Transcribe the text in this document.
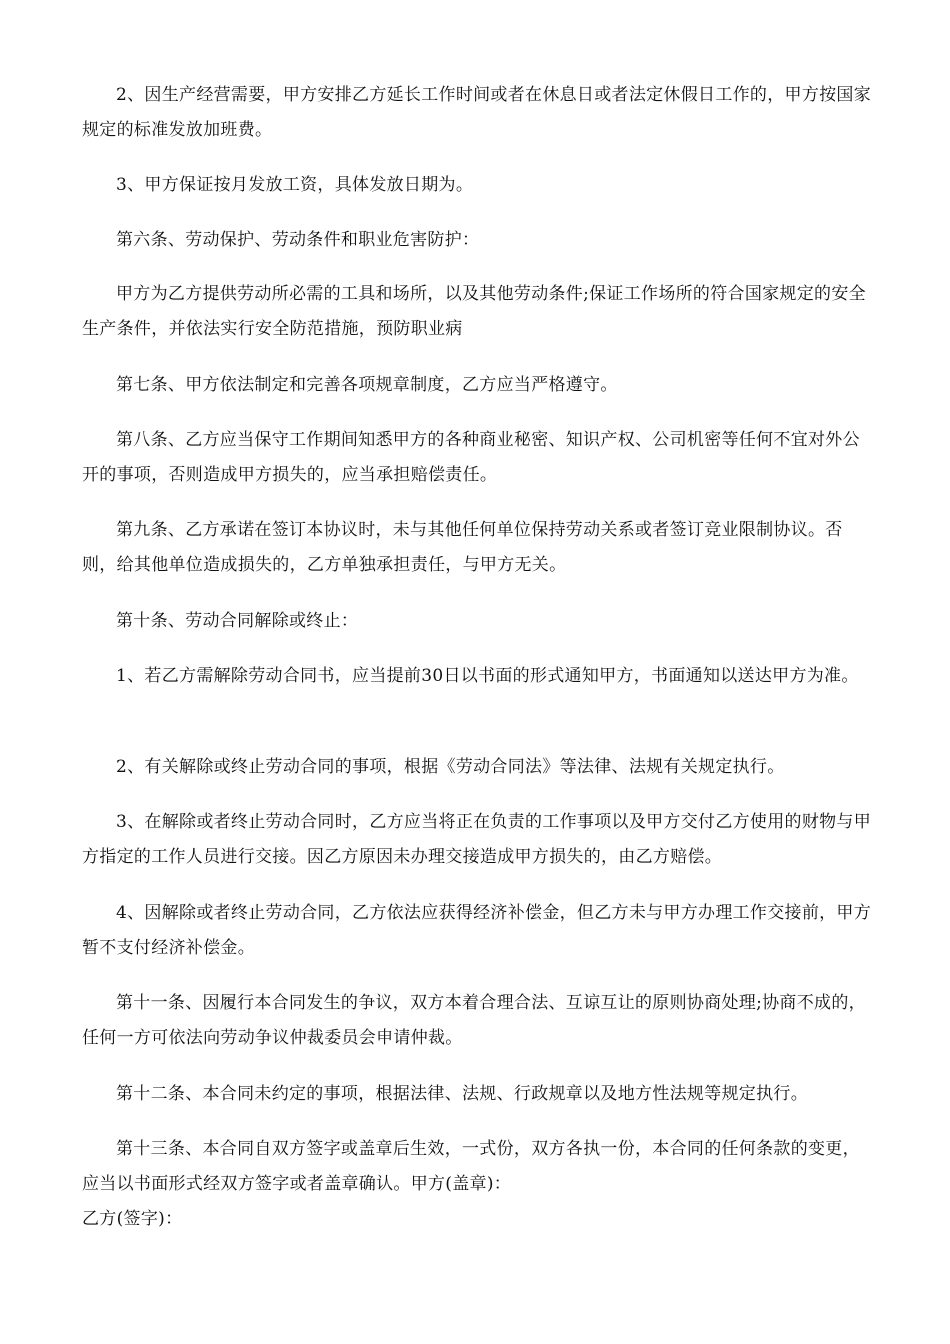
2、因生产经营需要，甲方安排乙方延长工作时间或者在休息日或者法定休假日工作的，甲方按国家规定的标准发放加班费。

3、甲方保证按月发放工资，具体发放日期为。

第六条、劳动保护、劳动条件和职业危害防护：

甲方为乙方提供劳动所必需的工具和场所，以及其他劳动条件;保证工作场所的符合国家规定的安全生产条件，并依法实行安全防范措施，预防职业病

第七条、甲方依法制定和完善各项规章制度，乙方应当严格遵守。

第八条、乙方应当保守工作期间知悉甲方的各种商业秘密、知识产权、公司机密等任何不宜对外公开的事项，否则造成甲方损失的，应当承担赔偿责任。

第九条、乙方承诺在签订本协议时，未与其他任何单位保持劳动关系或者签订竞业限制协议。否则，给其他单位造成损失的，乙方单独承担责任，与甲方无关。

第十条、劳动合同解除或终止：

1、若乙方需解除劳动合同书，应当提前30日以书面的形式通知甲方，书面通知以送达甲方为准。

2、有关解除或终止劳动合同的事项，根据《劳动合同法》等法律、法规有关规定执行。

3、在解除或者终止劳动合同时，乙方应当将正在负责的工作事项以及甲方交付乙方使用的财物与甲方指定的工作人员进行交接。因乙方原因未办理交接造成甲方损失的，由乙方赔偿。

4、因解除或者终止劳动合同，乙方依法应获得经济补偿金，但乙方未与甲方办理工作交接前，甲方暂不支付经济补偿金。

第十一条、因履行本合同发生的争议，双方本着合理合法、互谅互让的原则协商处理;协商不成的，任何一方可依法向劳动争议仲裁委员会申请仲裁。

第十二条、本合同未约定的事项，根据法律、法规、行政规章以及地方性法规等规定执行。

第十三条、本合同自双方签字或盖章后生效，一式份，双方各执一份，本合同的任何条款的变更，应当以书面形式经双方签字或者盖章确认。甲方(盖章)：

乙方(签字)：
